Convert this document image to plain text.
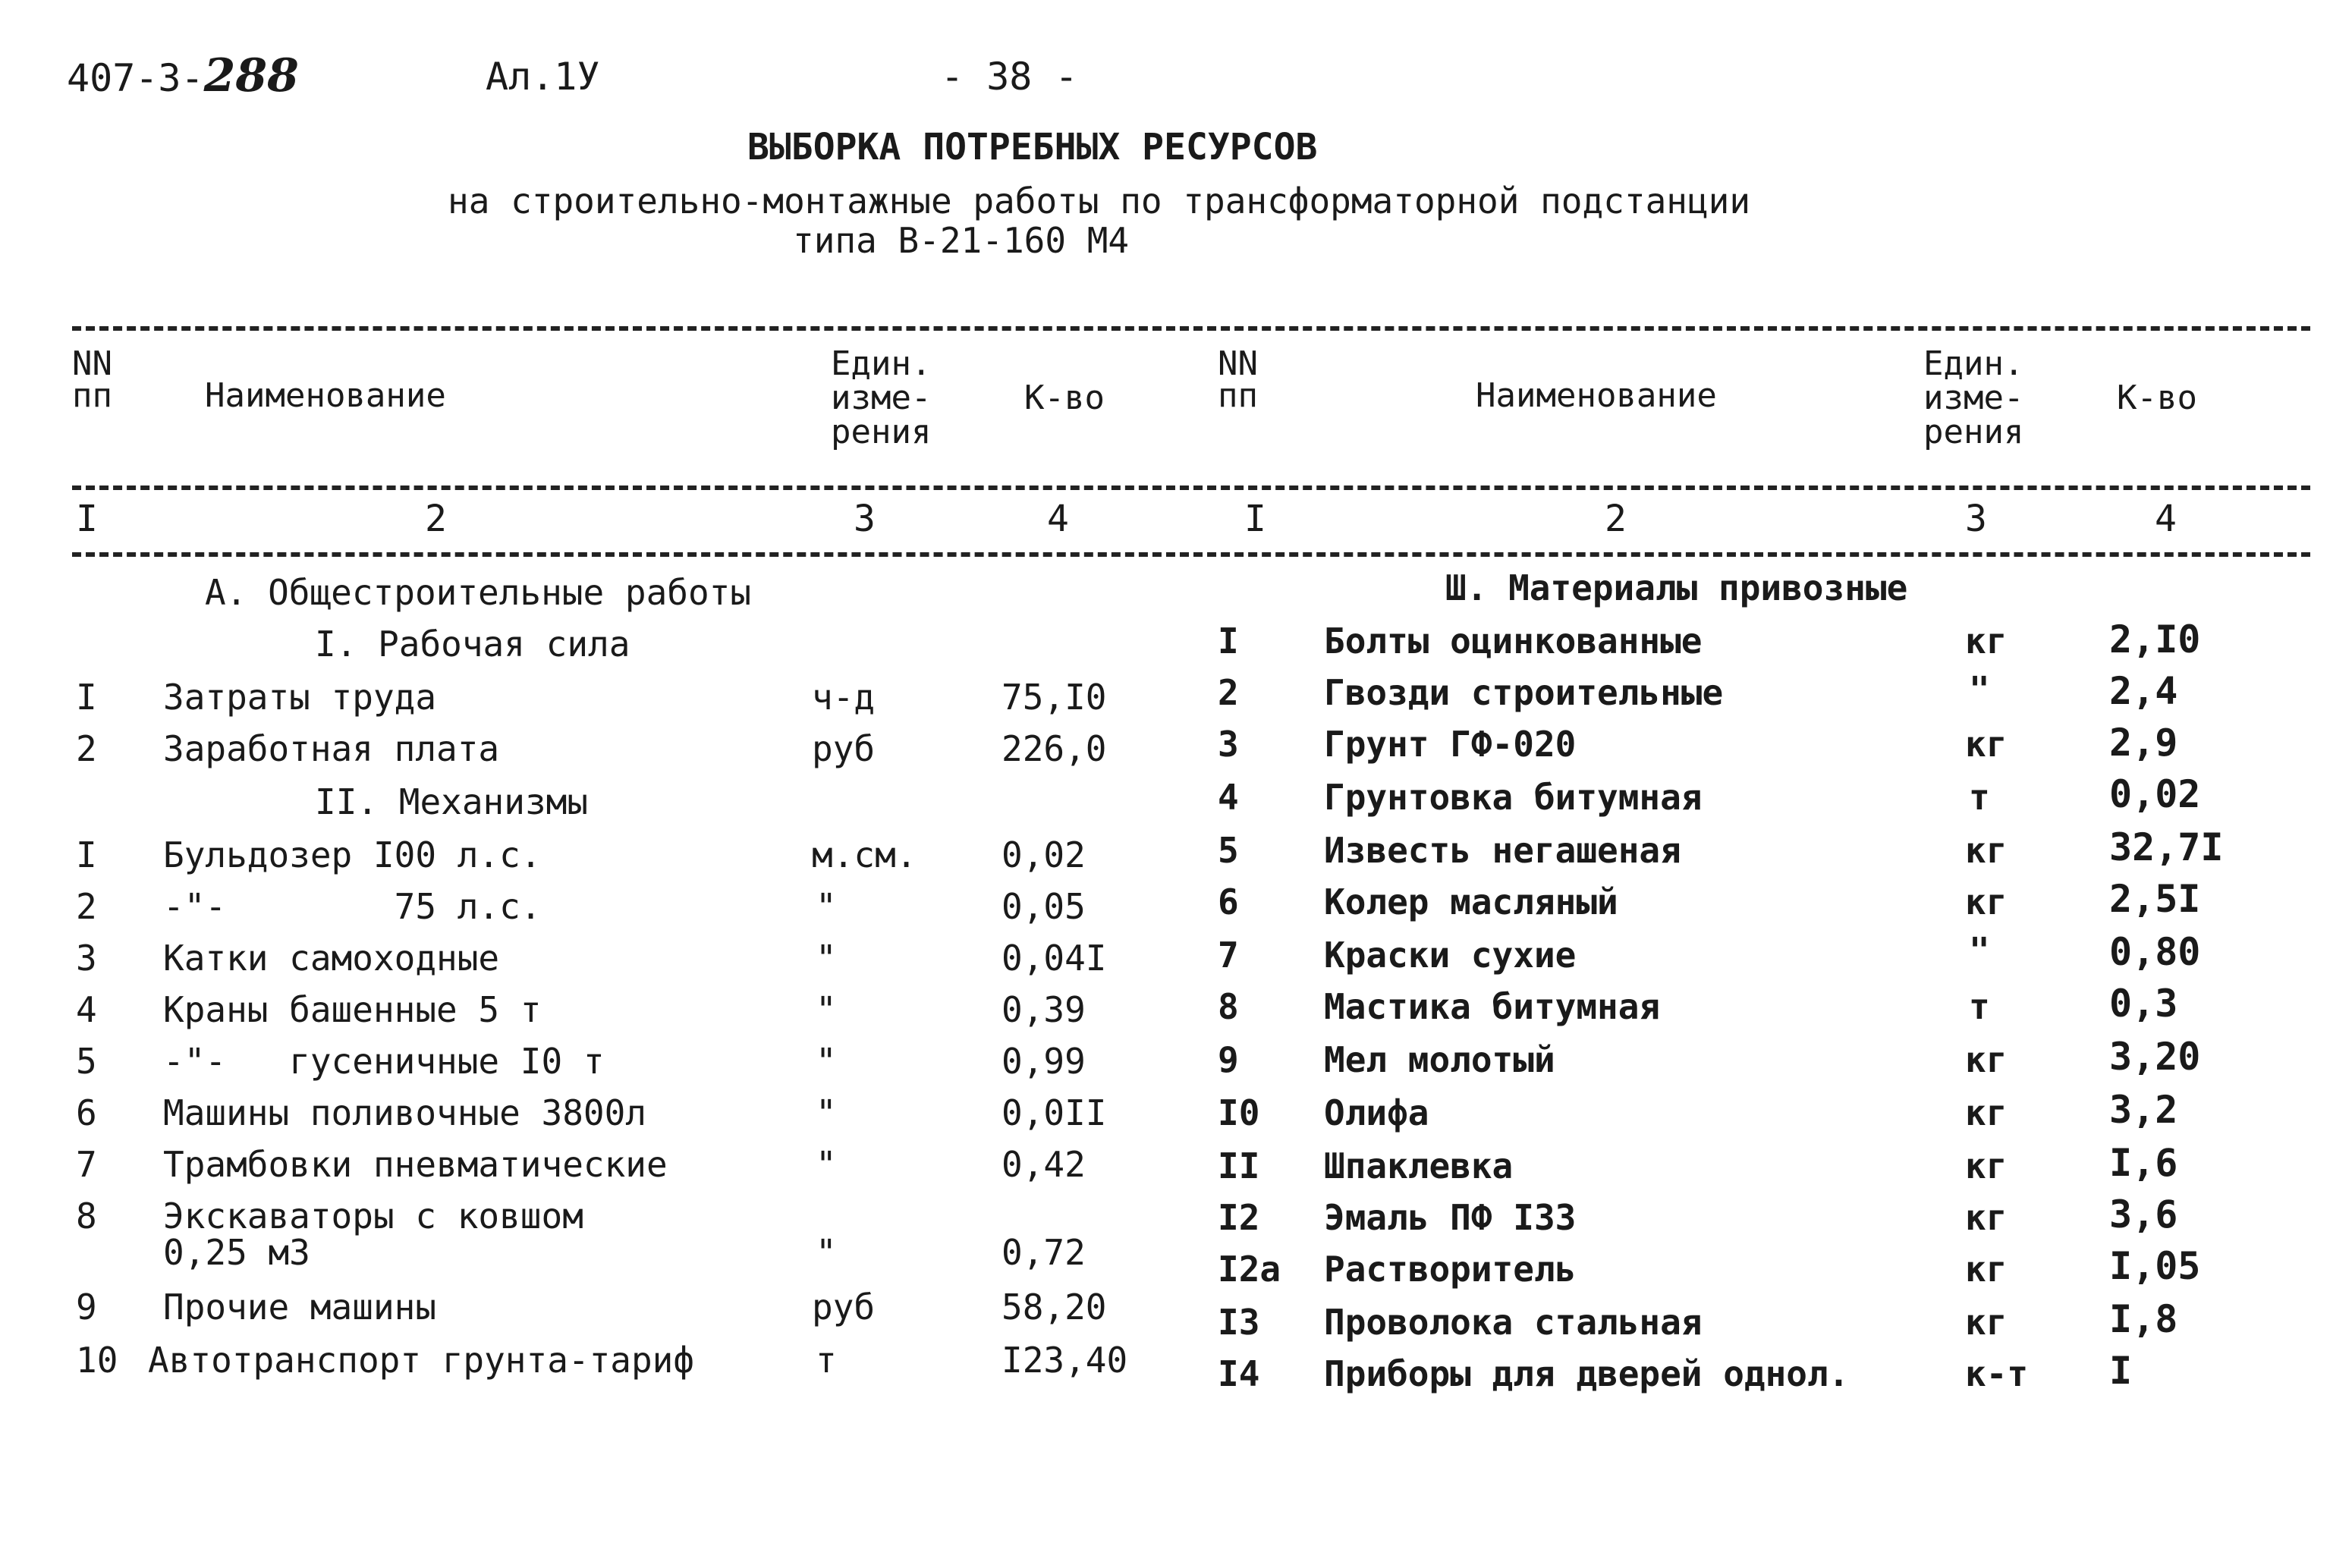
407-3-288	Ал.1У	- 38 -
ВЫБОРКА ПОТРЕБНЫХ РЕСУРСОВ
на строительно-монтажные работы по трансформаторной подстанции
типа В-21-160 М4
NN
пп	Наименование
Един.
изме-
рения
К-во
NN
пп	Наименование
Един.
изме-
рения
К-во
I	2	3	4	I	2	3	4
А. Общестроительные работы
I. Рабочая сила
I Затраты труда	ч-д	75,I0
2 Заработная плата	руб	226,0
II. Механизмы
I Бульдозер I00 л.с.	м.см. 0,02
2 -"-        75 л.с.	"	0,05
3 Катки самоходные	"	0,04I
4 Краны башенные 5 т	"	0,39
5 -"-   гусеничные I0 т	"	0,99
6 Машины поливочные 3800л	"	0,0II
7 Трамбовки пневматические	"	0,42
8 Экскаваторы с ковшом
0,25 м3	"	0,72
9 Прочие машины	руб	58,20
10 Автотранспорт грунта-тариф	т	I23,40
Ш. Материалы привозные
I Болты оцинкованные	кг	2,I0
2 Гвозди строительные	"	2,4
3 Грунт ГФ-020	кг	2,9
4 Грунтовка битумная	т	0,02
5 Известь негашеная	кг	32,7I
6 Колер масляный	кг	2,5I
7 Краски сухие	"	0,80
8 Мастика битумная	т	0,3
9 Мел молотый	кг	3,20
I0 Олифа	кг	3,2
II Шпаклевка	кг	I,6
I2 Эмаль ПФ I33	кг	3,6
I2а Растворитель	кг	I,05
I3 Проволока стальная	кг	I,8
I4 Приборы для дверей однол.	к-т I
